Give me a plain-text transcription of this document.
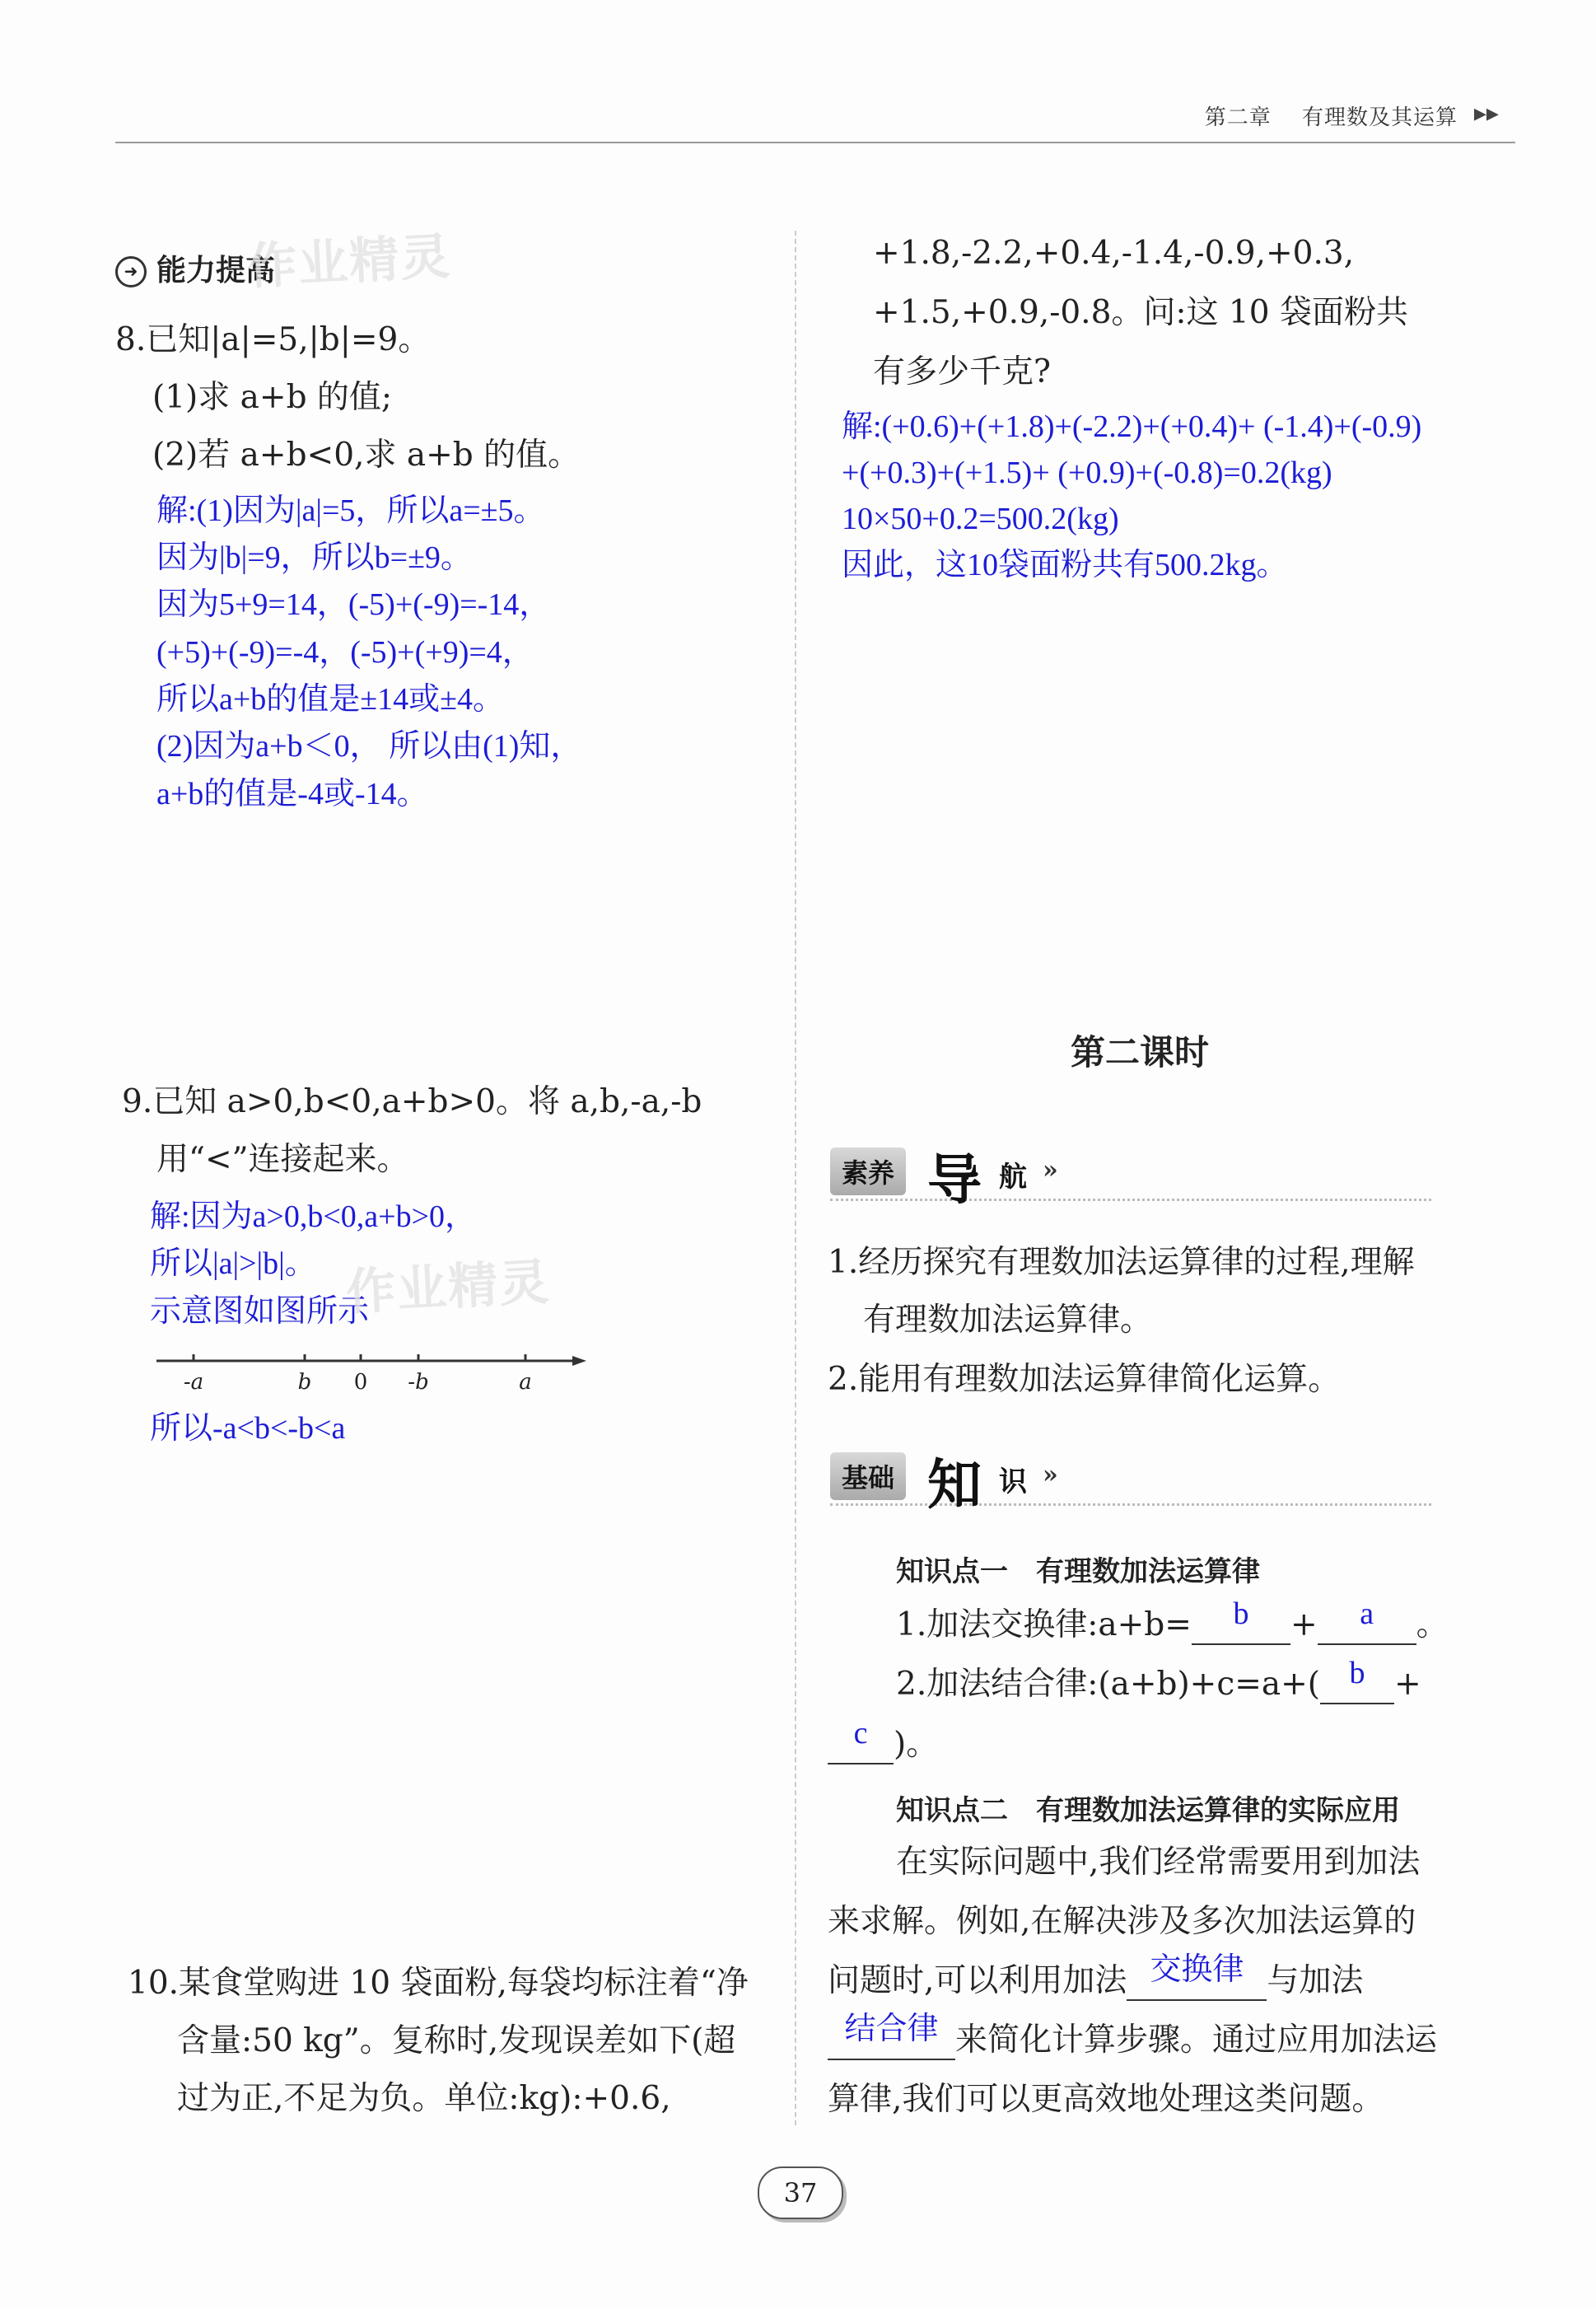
第二章 有理数及其运算 ▸▸
➜ 能力提高
作业精灵
8.已知|a|=5,|b|=9。
(1)求 a+b 的值;
(2)若 a+b<0,求 a+b 的值。
解:(1)因为|a|=5，所以a=±5。
因为|b|=9，所以b=±9。
因为5+9=14，(-5)+(-9)=-14，
(+5)+(-9)=-4，(-5)+(+9)=4，
所以a+b的值是±14或±4。
(2)因为a+b＜0， 所以由(1)知，
a+b的值是-4或-14。
9.已知 a>0,b<0,a+b>0。将 a,b,-a,-b
用“<”连接起来。
解:因为a>0,b<0,a+b>0，
所以|a|>|b|。
示意图如图所示
作业精灵
-a	b 0 -b	a
所以-a<b<-b<a
10.某食堂购进 10 袋面粉,每袋均标注着“净
含量:50 kg”。复称时,发现误差如下(超
过为正,不足为负。单位:kg):+0.6,
+1.8,-2.2,+0.4,-1.4,-0.9,+0.3,
+1.5,+0.9,-0.8。问:这 10 袋面粉共
有多少千克?
解:(+0.6)+(+1.8)+(-2.2)+(+0.4)+ (-1.4)+(-0.9)
+(+0.3)+(+1.5)+ (+0.9)+(-0.8)=0.2(kg)
10×50+0.2=500.2(kg)
因此，这10袋面粉共有500.2kg。
第二课时
素养 导 航 »
1.经历探究有理数加法运算律的过程,理解
有理数加法运算律。
2.能用有理数加法运算律简化运算。
基础 知 识 »
知识点一　有理数加法运算律
1.加法交换律:a+b=	b	+	a	。
2.加法结合律:(a+b)+c=a+( b +
c )。
知识点二　有理数加法运算律的实际应用
在实际问题中,我们经常需要用到加法
来求解。例如,在解决涉及多次加法运算的
问题时,可以利用加法 交换律 与加法
结合律 来简化计算步骤。通过应用加法运
算律,我们可以更高效地处理这类问题。
37
